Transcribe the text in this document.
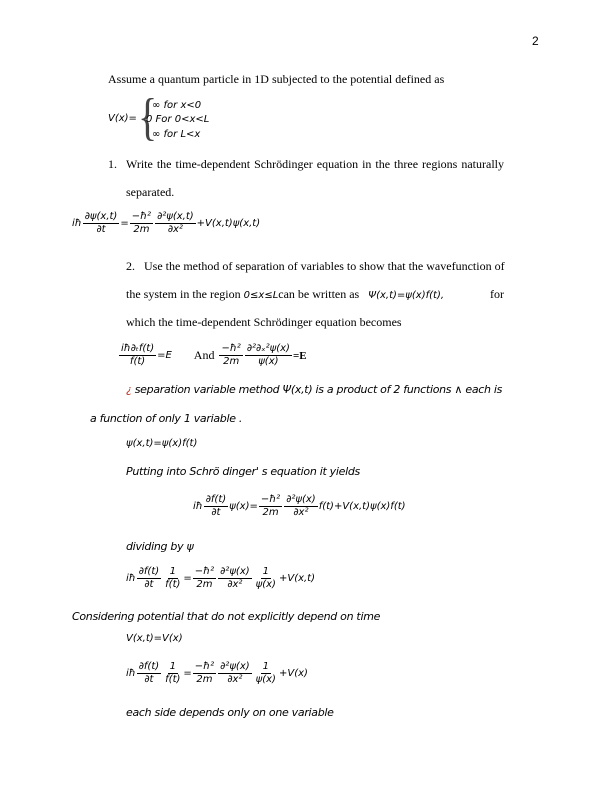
2
Assume a quantum particle in 1D subjected to the potential defined as
V(x)= {
∞ for x<0
0 For 0<x<L
∞ for L<x
1. Write the time-dependent Schrödinger equation in the three regions naturally
separated.
iħ $\frac{\partial\psi(x,t)}{\partial t} = \frac{\text{−ħ²}}{2m} \frac{\text{∂²ψ(x,t)}}{\text{∂x²}} +V(x,t)\psi(x,t)$
2. Use the method of separation of variables to show that the wavefunction of
the system in the region 0≤x≤Lcan be written as Ψ(x,t)=ψ(x)f(t),	for
which the time-dependent Schrödinger equation becomes
$\frac{\text{iħ∂ₜf(t)}}{f(t)} =E$ And $\frac{\text{−ħ²}}{2m} \frac{\text{∂²∂ₓ²ψ(x)}}{\psi(x)} =E$
¿ separation variable method Ψ(x,t) is a product of 2 functions ∧ each is
a function of only 1 variable .
ψ(x,t)=ψ(x)f(t)
Putting into Schrö dinger' s equation it yields
iħ $\frac{\partial f(t)}{\partial t} \psi(x)= \frac{\text{−ħ²}}{2m} \frac{\text{∂²ψ(x)}}{\text{∂x²}} f(t)+V(x,t)\psi(x)f(t)$
dividing by ψ
iħ $\frac{\partial f(t)}{\partial t} \frac{1}{f(t)} = \frac{\text{−ħ²}}{2m} \frac{\text{∂²ψ(x)}}{\text{∂x²}} \frac{1}{\psi(x)} +V(x,t)$
Considering potential that do not explicitly depend on time
V(x,t)=V(x)
iħ $\frac{\partial f(t)}{\partial t} \frac{1}{f(t)} = \frac{\text{−ħ²}}{2m} \frac{\text{∂²ψ(x)}}{\text{∂x²}} \frac{1}{\psi(x)} +V(x)$
each side depends only on one variable
